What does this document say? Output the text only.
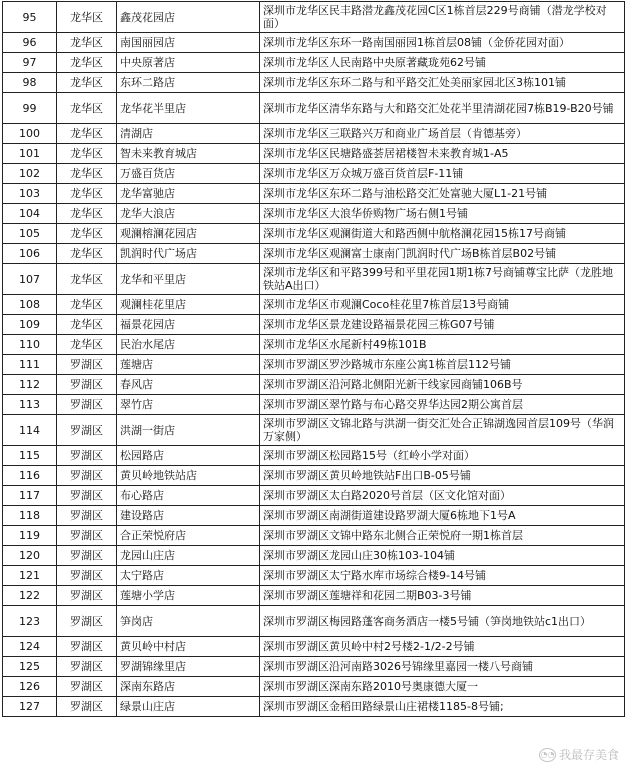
95	龙华区	鑫茂花园店	深圳市龙华区民丰路潜龙鑫茂花园C区1栋首层229号商铺（潜龙学校对面）
96	龙华区	南国丽园店	深圳市龙华区东环一路南国丽园1栋首层08铺（金侨花园对面）
97	龙华区	中央原著店	深圳市龙华区人民南路中央原著藏珑苑62号铺
98	龙华区	东环二路店	深圳市龙华区东环二路与和平路交汇处美丽家园北区3栋101铺
99	龙华区	龙华花半里店	深圳市龙华区清华东路与大和路交汇处花半里清湖花园7栋B19-B20号铺
100	龙华区	清湖店	深圳市龙华区三联路兴万和商业广场首层（肯德基旁）
101	龙华区	智未来教育城店	深圳市龙华区民塘路盛荟居裙楼智未来教育城1-A5
102	龙华区	万盛百货店	深圳市龙华区万众城万盛百货首层F-11铺
103	龙华区	龙华富驰店	深圳市龙华区东环二路与油松路交汇处富驰大厦L1-21号铺
104	龙华区	龙华大浪店	深圳市龙华区大浪华侨购物广场右侧1号铺
105	龙华区	观澜榕澜花园店	深圳市龙华区观澜街道大和路西侧中航格澜花园15栋17号商铺
106	龙华区	凯润时代广场店	深圳市龙华区观澜富士康南门凯润时代广场B栋首层B02号铺
107	龙华区	龙华和平里店	深圳市龙华区和平路399号和平里花园1期1栋7号商铺尊宝比萨（龙胜地铁站A出口）
108	龙华区	观澜桂花里店	深圳市龙华区市观澜Coco桂花里7栋首层13号商铺
109	龙华区	福景花园店	深圳市龙华区景龙建设路福景花园三栋G07号铺
110	龙华区	民治水尾店	深圳市龙华区水尾新村49栋101B
111	罗湖区	莲塘店	深圳市罗湖区罗沙路城市东座公寓1栋首层112号铺
112	罗湖区	春风店	深圳市罗湖区沿河路北侧阳光新干线家园商铺106B号
113	罗湖区	翠竹店	深圳市罗湖区翠竹路与布心路交界华达园2期公寓首层
114	罗湖区	洪湖一街店	深圳市罗湖区文锦北路与洪湖一街交汇处合正锦湖逸园首层109号（华润万家侧）
115	罗湖区	松园路店	深圳市罗湖区松园路15号（红岭小学对面）
116	罗湖区	黄贝岭地铁站店	深圳市罗湖区黄贝岭地铁站F出口B-05号铺
117	罗湖区	布心路店	深圳市罗湖区太白路2020号首层（区文化馆对面）
118	罗湖区	建设路店	深圳市罗湖区南湖街道建设路罗湖大厦6栋地下1号A
119	罗湖区	合正荣悦府店	深圳市罗湖区文锦中路东北侧合正荣悦府一期1栋首层
120	罗湖区	龙园山庄店	深圳市罗湖区龙园山庄30栋103-104铺
121	罗湖区	太宁路店	深圳市罗湖区太宁路水库市场综合楼9-14号铺
122	罗湖区	莲塘小学店	深圳市罗湖区莲塘祥和花园二期B03-3号铺
123	罗湖区	笋岗店	深圳市罗湖区梅园路蓬客商务酒店一楼5号铺（笋岗地铁站c1出口）
124	罗湖区	黄贝岭中村店	深圳市罗湖区黄贝岭中村2号楼2-1/2-2号铺
125	罗湖区	罗湖锦缘里店	深圳市罗湖区沿河南路3026号锦缘里嘉园一楼八号商铺
126	罗湖区	深南东路店	深圳市罗湖区深南东路2010号奥康德大厦一
127	罗湖区	绿景山庄店	深圳市罗湖区金稻田路绿景山庄裙楼1185-8号铺;
◔◔ 我最存美食
